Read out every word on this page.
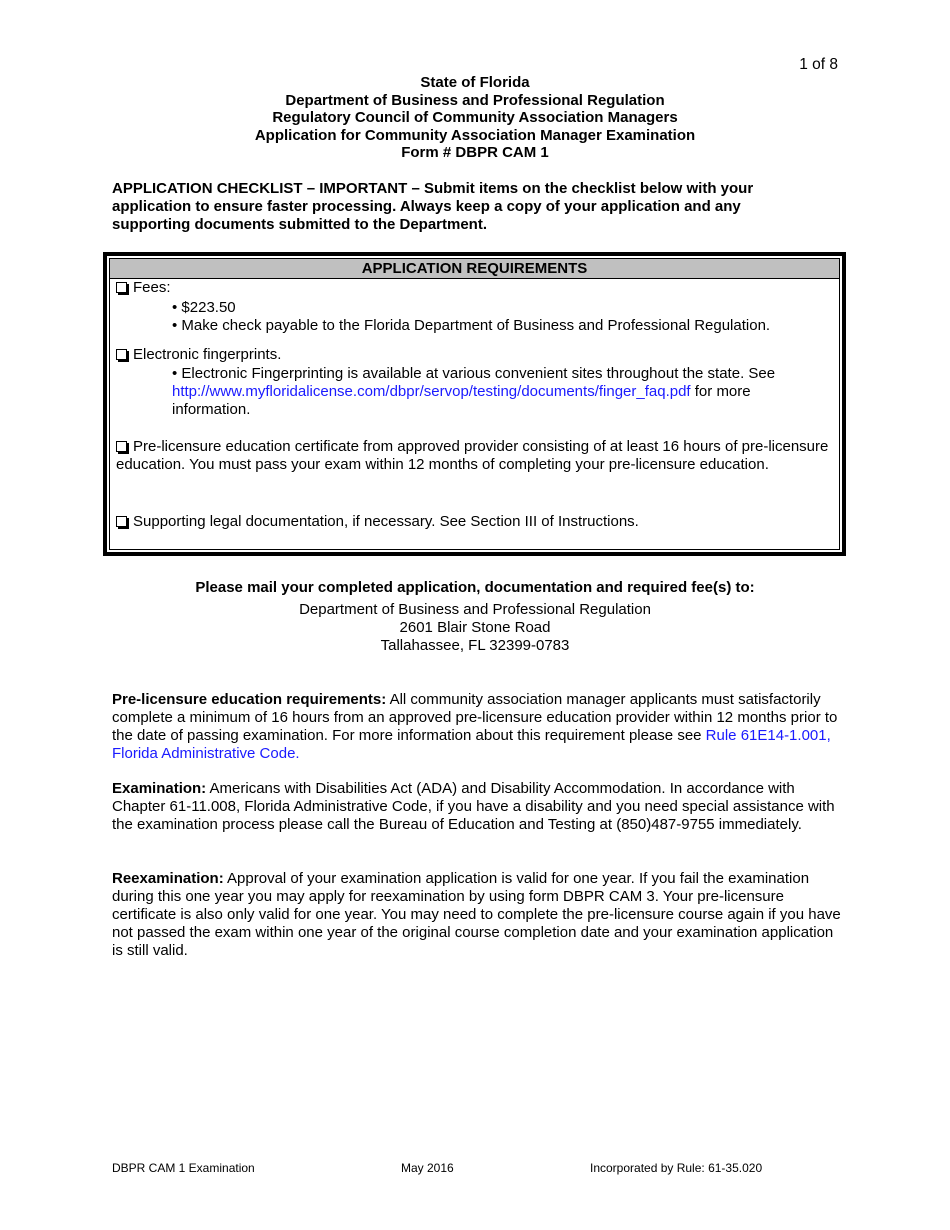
1 of 8
State of Florida
Department of Business and Professional Regulation
Regulatory Council of Community Association Managers
Application for Community Association Manager Examination
Form # DBPR CAM 1
APPLICATION CHECKLIST – IMPORTANT – Submit items on the checklist below with your application to ensure faster processing. Always keep a copy of your application and any supporting documents submitted to the Department.
APPLICATION REQUIREMENTS
Fees:
• $223.50
• Make check payable to the Florida Department of Business and Professional Regulation.
Electronic fingerprints.
• Electronic Fingerprinting is available at various convenient sites throughout the state. See http://www.myfloridalicense.com/dbpr/servop/testing/documents/finger_faq.pdf for more information.
Pre-licensure education certificate from approved provider consisting of at least 16 hours of pre-licensure education. You must pass your exam within 12 months of completing your pre-licensure education.
Supporting legal documentation, if necessary. See Section III of Instructions.
Please mail your completed application, documentation and required fee(s) to:
Department of Business and Professional Regulation
2601 Blair Stone Road
Tallahassee, FL 32399-0783
Pre-licensure education requirements: All community association manager applicants must satisfactorily complete a minimum of 16 hours from an approved pre-licensure education provider within 12 months prior to the date of passing examination. For more information about this requirement please see Rule 61E14-1.001, Florida Administrative Code.
Examination: Americans with Disabilities Act (ADA) and Disability Accommodation. In accordance with Chapter 61-11.008, Florida Administrative Code, if you have a disability and you need special assistance with the examination process please call the Bureau of Education and Testing at (850)487-9755 immediately.
Reexamination: Approval of your examination application is valid for one year. If you fail the examination during this one year you may apply for reexamination by using form DBPR CAM 3. Your pre-licensure certificate is also only valid for one year. You may need to complete the pre-licensure course again if you have not passed the exam within one year of the original course completion date and your examination application is still valid.
DBPR CAM 1 Examination	May 2016	Incorporated by Rule: 61-35.020
